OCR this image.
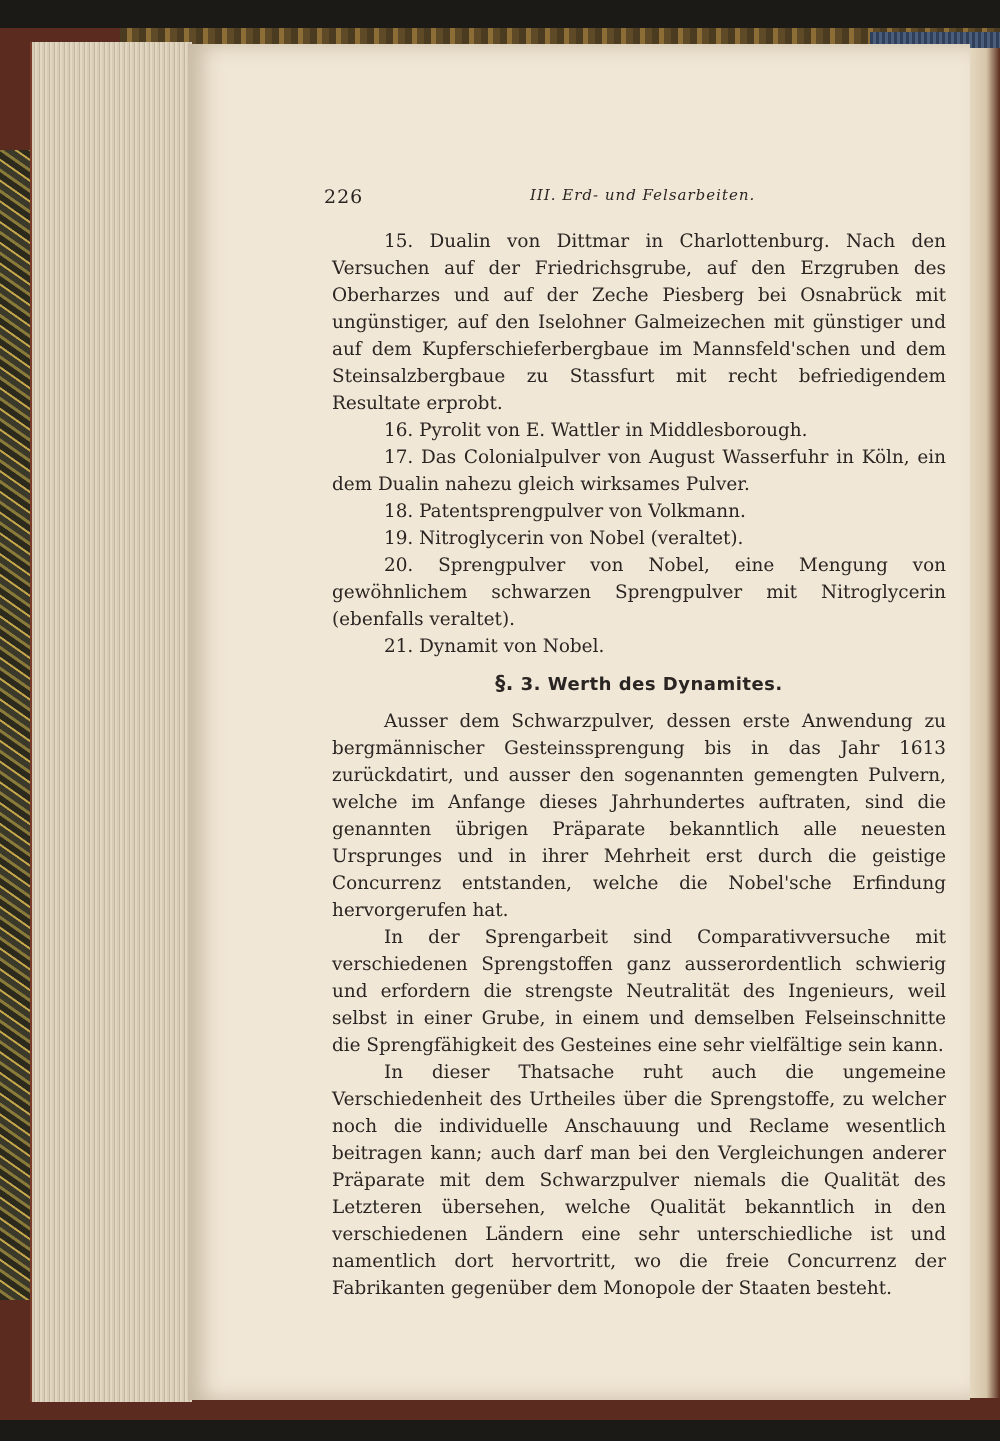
226	III. Erd- und Felsarbeiten.

15. Dualin von Dittmar in Charlottenburg. Nach den Versuchen auf der Friedrichsgrube, auf den Erzgruben des Oberharzes und auf der Zeche Piesberg bei Osnabrück mit ungünstiger, auf den Iselohner Galmeizechen mit günstiger und auf dem Kupferschieferbergbaue im Mannsfeld'schen und dem Steinsalzbergbaue zu Stassfurt mit recht befriedigendem Resultate erprobt.

16. Pyrolit von E. Wattler in Middlesborough.

17. Das Colonialpulver von August Wasserfuhr in Köln, ein dem Dualin nahezu gleich wirksames Pulver.

18. Patentsprengpulver von Volkmann.

19. Nitroglycerin von Nobel (veraltet).

20. Sprengpulver von Nobel, eine Mengung von gewöhnlichem schwarzen Sprengpulver mit Nitroglycerin (ebenfalls veraltet).

21. Dynamit von Nobel.

§. 3. Werth des Dynamites.

Ausser dem Schwarzpulver, dessen erste Anwendung zu bergmännischer Gesteinssprengung bis in das Jahr 1613 zurückdatirt, und ausser den sogenannten gemengten Pulvern, welche im Anfange dieses Jahrhundertes auftraten, sind die genannten übrigen Präparate bekanntlich alle neuesten Ursprunges und in ihrer Mehrheit erst durch die geistige Concurrenz entstanden, welche die Nobel'sche Erfindung hervorgerufen hat.

In der Sprengarbeit sind Comparativversuche mit verschiedenen Sprengstoffen ganz ausserordentlich schwierig und erfordern die strengste Neutralität des Ingenieurs, weil selbst in einer Grube, in einem und demselben Felseinschnitte die Sprengfähigkeit des Gesteines eine sehr vielfältige sein kann.

In dieser Thatsache ruht auch die ungemeine Verschiedenheit des Urtheiles über die Sprengstoffe, zu welcher noch die individuelle Anschauung und Reclame wesentlich beitragen kann; auch darf man bei den Vergleichungen anderer Präparate mit dem Schwarzpulver niemals die Qualität des Letzteren übersehen, welche Qualität bekanntlich in den verschiedenen Ländern eine sehr unterschiedliche ist und namentlich dort hervortritt, wo die freie Concurrenz der Fabrikanten gegenüber dem Monopole der Staaten besteht.
